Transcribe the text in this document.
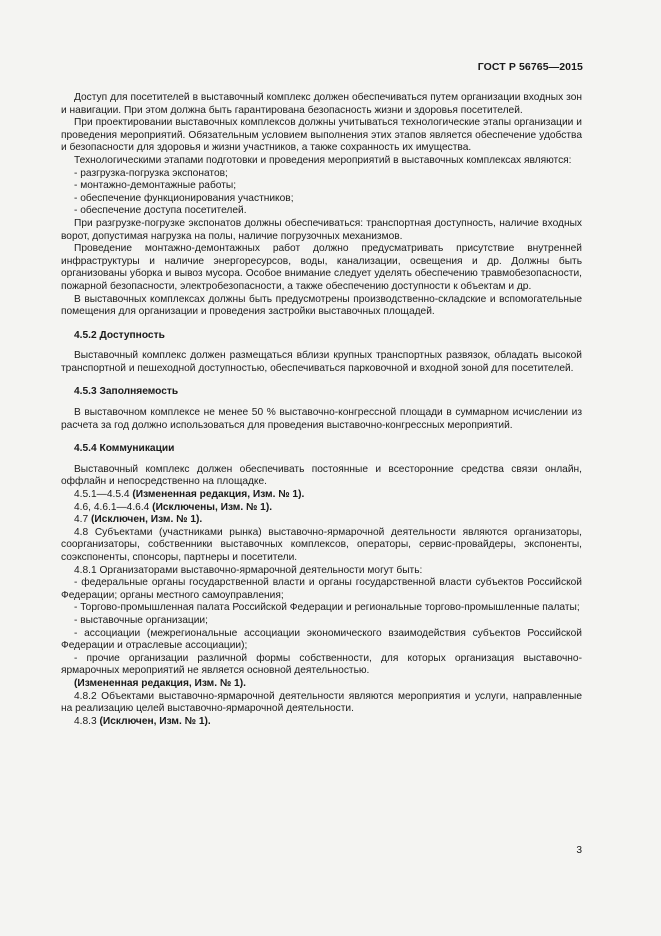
ГОСТ Р 56765—2015

Доступ для посетителей в выставочный комплекс должен обеспечиваться путем организации входных зон и навигации. При этом должна быть гарантирована безопасность жизни и здоровья посетителей.

При проектировании выставочных комплексов должны учитываться технологические этапы организации и проведения мероприятий. Обязательным условием выполнения этих этапов является обеспечение удобства и безопасности для здоровья и жизни участников, а также сохранность их имущества.

Технологическими этапами подготовки и проведения мероприятий в выставочных комплексах являются:

- разгрузка-погрузка экспонатов;

- монтажно-демонтажные работы;

- обеспечение функционирования участников;

- обеспечение доступа посетителей.

При разгрузке-погрузке экспонатов должны обеспечиваться: транспортная доступность, наличие входных ворот, допустимая нагрузка на полы, наличие погрузочных механизмов.

Проведение монтажно-демонтажных работ должно предусматривать присутствие внутренней инфраструктуры и наличие энергоресурсов, воды, канализации, освещения и др. Должны быть организованы уборка и вывоз мусора. Особое внимание следует уделять обеспечению травмобезопасности, пожарной безопасности, электробезопасности, а также обеспечению доступности к объектам и др.

В выставочных комплексах должны быть предусмотрены производственно-складские и вспомогательные помещения для организации и проведения застройки выставочных площадей.

4.5.2 Доступность

Выставочный комплекс должен размещаться вблизи крупных транспортных развязок, обладать высокой транспортной и пешеходной доступностью, обеспечиваться парковочной и входной зоной для посетителей.

4.5.3 Заполняемость

В выставочном комплексе не менее 50 % выставочно-конгрессной площади в суммарном исчислении из расчета за год должно использоваться для проведения выставочно-конгрессных мероприятий.

4.5.4 Коммуникации

Выставочный комплекс должен обеспечивать постоянные и всесторонние средства связи онлайн, оффлайн и непосредственно на площадке.

4.5.1—4.5.4 (Измененная редакция, Изм. № 1).

4.6, 4.6.1—4.6.4 (Исключены, Изм. № 1).

4.7 (Исключен, Изм. № 1).

4.8 Субъектами (участниками рынка) выставочно-ярмарочной деятельности являются организаторы, соорганизаторы, собственники выставочных комплексов, операторы, сервис-провайдеры, экспоненты, соэкспоненты, спонсоры, партнеры и посетители.

4.8.1 Организаторами выставочно-ярмарочной деятельности могут быть:

- федеральные органы государственной власти и органы государственной власти субъектов Российской Федерации; органы местного самоуправления;

- Торгово-промышленная палата Российской Федерации и региональные торгово-промышленные палаты;

- выставочные организации;

- ассоциации (межрегиональные ассоциации экономического взаимодействия субъектов Российской Федерации и отраслевые ассоциации);

- прочие организации различной формы собственности, для которых организация выставочно-ярмарочных мероприятий не является основной деятельностью.

(Измененная редакция, Изм. № 1).

4.8.2 Объектами выставочно-ярмарочной деятельности являются мероприятия и услуги, направленные на реализацию целей выставочно-ярмарочной деятельности.

4.8.3 (Исключен, Изм. № 1).

3
